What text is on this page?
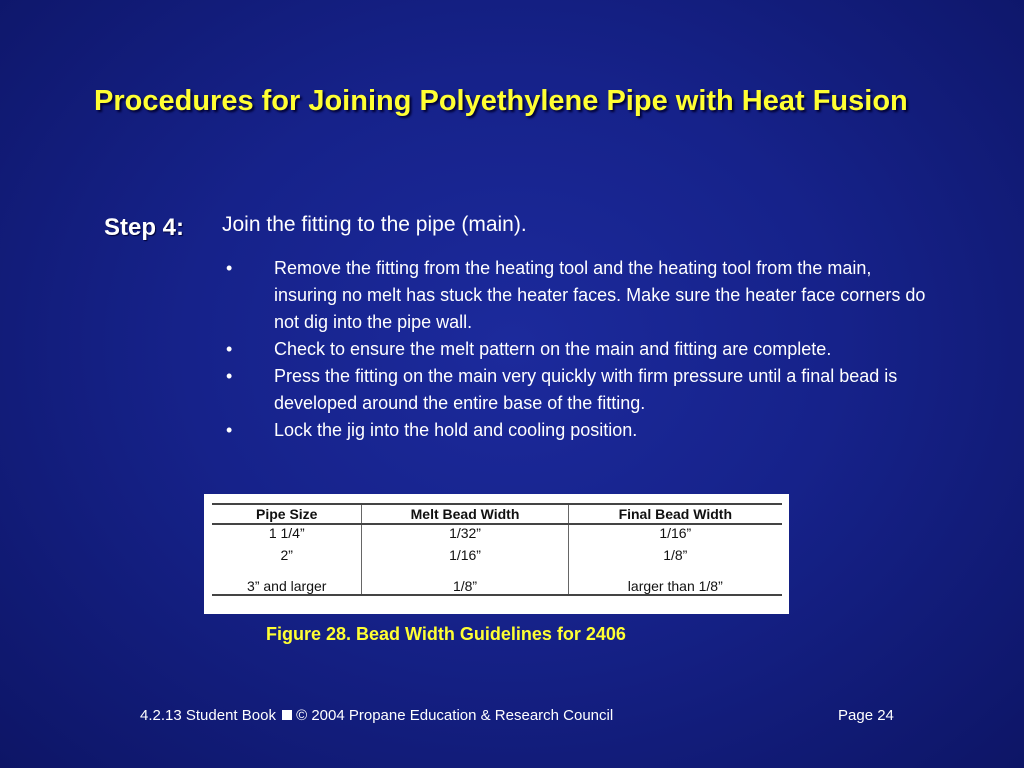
Procedures for Joining Polyethylene Pipe with Heat Fusion
Step 4: Join the fitting to the pipe (main).
• Remove the fitting from the heating tool and the heating tool from the main, insuring no melt has stuck the heater faces. Make sure the heater face corners do not dig into the pipe wall.
• Check to ensure the melt pattern on the main and fitting are complete.
• Press the fitting on the main very quickly with firm pressure until a final bead is developed around the entire base of the fitting.
• Lock the jig into the hold and cooling position.
Pipe Size	Melt Bead Width	Final Bead Width
1 1/4”	1/32”	1/16”
2”	1/16”	1/8”
3” and larger	1/8”	larger than 1/8”
Figure 28. Bead Width Guidelines for 2406
4.2.13 Student Book © 2004 Propane Education & Research Council	Page 24
